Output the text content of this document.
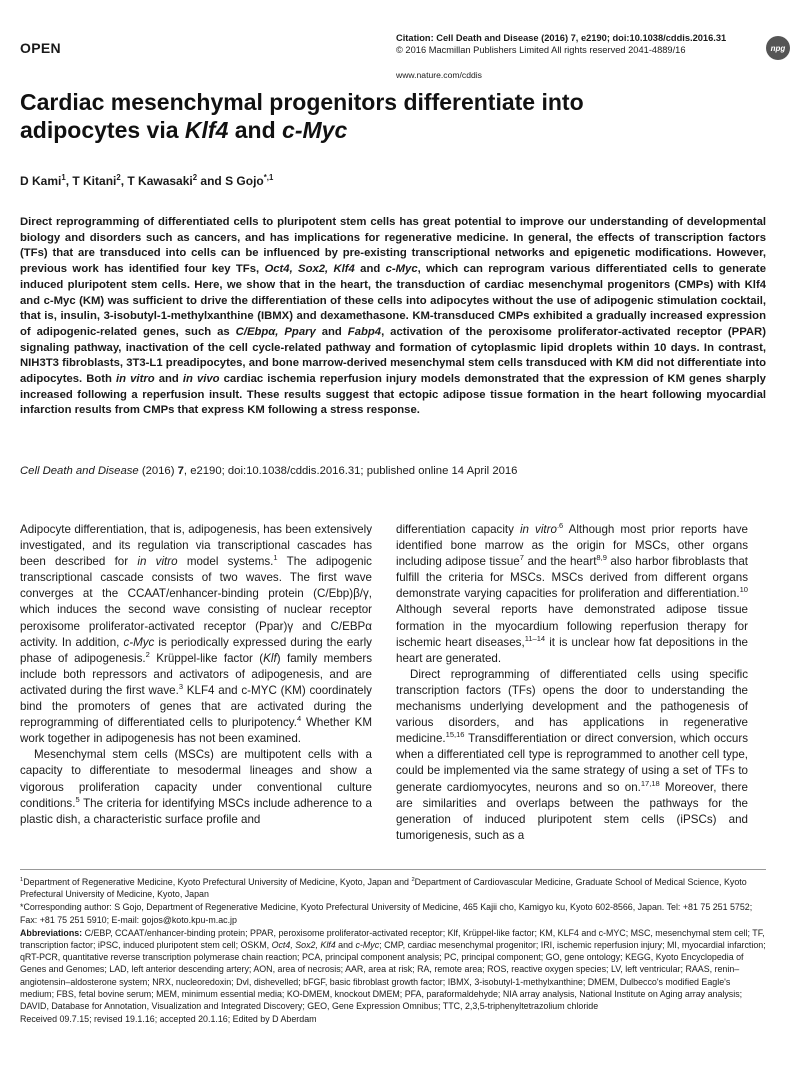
OPEN
Citation: Cell Death and Disease (2016) 7, e2190; doi:10.1038/cddis.2016.31
© 2016 Macmillan Publishers Limited All rights reserved 2041-4889/16
www.nature.com/cddis
npg
Cardiac mesenchymal progenitors differentiate into
adipocytes via Klf4 and c-Myc
D Kami$^1$, T Kitani$^2$, T Kawasaki$^2$ and S Gojo$^{*,1}$
Direct reprogramming of differentiated cells to pluripotent stem cells has great potential to improve our understanding of developmental biology and disorders such as cancers, and has implications for regenerative medicine. In general, the effects of transcription factors (TFs) that are transduced into cells can be influenced by pre-existing transcriptional networks and epigenetic modifications. However, previous work has identified four key TFs, Oct4, Sox2, Klf4 and c-Myc, which can reprogram various differentiated cells to generate induced pluripotent stem cells. Here, we show that in the heart, the transduction of cardiac mesenchymal progenitors (CMPs) with Klf4 and c-Myc (KM) was sufficient to drive the differentiation of these cells into adipocytes without the use of adipogenic stimulation cocktail, that is, insulin, 3-isobutyl-1-methylxanthine (IBMX) and dexamethasone. KM-transduced CMPs exhibited a gradually increased expression of adipogenic-related genes, such as C/Ebpα, Pparγ and Fabp4, activation of the peroxisome proliferator-activated receptor (PPAR) signaling pathway, inactivation of the cell cycle-related pathway and formation of cytoplasmic lipid droplets within 10 days. In contrast, NIH3T3 fibroblasts, 3T3-L1 preadipocytes, and bone marrow-derived mesenchymal stem cells transduced with KM did not differentiate into adipocytes. Both in vitro and in vivo cardiac ischemia reperfusion injury models demonstrated that the expression of KM genes sharply increased following a reperfusion insult. These results suggest that ectopic adipose tissue formation in the heart following myocardial infarction results from CMPs that express KM following a stress response.
Cell Death and Disease (2016) 7, e2190; doi:10.1038/cddis.2016.31; published online 14 April 2016

Adipocyte differentiation, that is, adipogenesis, has been extensively investigated, and its regulation via transcriptional cascades has been described for in vitro model systems.$^1$ The adipogenic transcriptional cascade consists of two waves. The first wave converges at the CCAAT/enhancer-binding protein (C/Ebp)β/γ, which induces the second wave consisting of nuclear receptor peroxisome proliferator-activated receptor (Ppar)γ and C/EBPα activity. In addition, c-Myc is periodically expressed during the early phase of adipogenesis.$^2$ Krüppel-like factor (Klf) family members include both repressors and activators of adipogenesis, and are activated during the first wave.$^3$ KLF4 and c-MYC (KM) coordinately bind the promoters of genes that are activated during the reprogramming of differentiated cells to pluripotency.$^4$ Whether KM work together in adipogenesis has not been examined.

Mesenchymal stem cells (MSCs) are multipotent cells with a capacity to differentiate to mesodermal lineages and show a vigorous proliferation capacity under conventional culture conditions.$^5$ The criteria for identifying MSCs include adherence to a plastic dish, a characteristic surface profile and

differentiation capacity in vitro$^{.6}$ Although most prior reports have identified bone marrow as the origin for MSCs, other organs including adipose tissue$^7$ and the heart$^{8,9}$ also harbor fibroblasts that fulfill the criteria for MSCs. MSCs derived from different organs demonstrate varying capacities for proliferation and differentiation.$^{10}$ Although several reports have demonstrated adipose tissue formation in the myocardium following reperfusion therapy for ischemic heart diseases,$^{11-14}$ it is unclear how fat depositions in the heart are generated.

Direct reprogramming of differentiated cells using specific transcription factors (TFs) opens the door to understanding the mechanisms underlying development and the pathogenesis of various disorders, and has applications in regenerative medicine.$^{15,16}$ Transdifferentiation or direct conversion, which occurs when a differentiated cell type is reprogrammed to another cell type, could be implemented via the same strategy of using a set of TFs to generate cardiomyocytes, neurons and so on.$^{17,18}$ Moreover, there are similarities and overlaps between the pathways for the generation of induced pluripotent stem cells (iPSCs) and tumorigenesis, such as a

$^1$Department of Regenerative Medicine, Kyoto Prefectural University of Medicine, Kyoto, Japan and $^2$Department of Cardiovascular Medicine, Graduate School of Medical Science, Kyoto Prefectural University of Medicine, Kyoto, Japan

*Corresponding author: S Gojo, Department of Regenerative Medicine, Kyoto Prefectural University of Medicine, 465 Kajii cho, Kamigyo ku, Kyoto 602-8566, Japan. Tel: +81 75 251 5752; Fax: +81 75 251 5910; E-mail: gojos@koto.kpu-m.ac.jp

Abbreviations: C/EBP, CCAAT/enhancer-binding protein; PPAR, peroxisome proliferator-activated receptor; Klf, Krüppel-like factor; KM, KLF4 and c-MYC; MSC, mesenchymal stem cell; TF, transcription factor; iPSC, induced pluripotent stem cell; OSKM, Oct4, Sox2, Klf4 and c-Myc; CMP, cardiac mesenchymal progenitor; IRI, ischemic reperfusion injury; MI, myocardial infarction; qRT-PCR, quantitative reverse transcription polymerase chain reaction; PCA, principal component analysis; PC, principal component; GO, gene ontology; KEGG, Kyoto Encyclopedia of Genes and Genomes; LAD, left anterior descending artery; AON, area of necrosis; AAR, area at risk; RA, remote area; ROS, reactive oxygen species; LV, left ventricular; RAAS, renin–angiotensin–aldosterone system; NRX, nucleoredoxin; Dvl, dishevelled; bFGF, basic fibroblast growth factor; IBMX, 3-isobutyl-1-methylxanthine; DMEM, Dulbecco's modified Eagle's medium; FBS, fetal bovine serum; MEM, minimum essential media; KO-DMEM, knockout DMEM; PFA, paraformaldehyde; NIA array analysis, National Institute on Aging array analysis; DAVID, Database for Annotation, Visualization and Integrated Discovery; GEO, Gene Expression Omnibus; TTC, 2,3,5-triphenyltetrazolium chloride

Received 09.7.15; revised 19.1.16; accepted 20.1.16; Edited by D Aberdam
